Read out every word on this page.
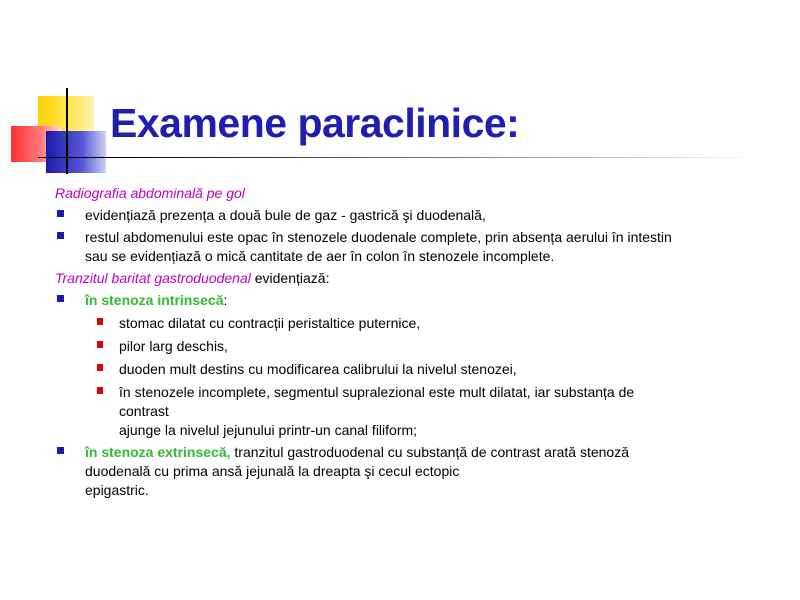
Examene paraclinice:

Radiografia abdominală pe gol

evidențiază prezența a două bule de gaz - gastrică şi duodenală,
restul abdomenului este opac în stenozele duodenale complete, prin absența aerului în intestin
sau se evidențiază o mică cantitate de aer în colon în stenozele incomplete.

Tranzitul baritat gastroduodenal evidențiază:

în stenoza intrinsecă:
stomac dilatat cu contracții peristaltice puternice,
pilor larg deschis,
duoden mult destins cu modificarea calibrului la nivelul stenozei,
în stenozele incomplete, segmentul supralezional este mult dilatat, iar substanța de
contrast
ajunge la nivelul jejunului printr-un canal filiform;
în stenoza extrinsecă, tranzitul gastroduodenal cu substanță de contrast arată stenoză
duodenală cu prima ansă jejunală la dreapta şi cecul ectopic
epigastric.
